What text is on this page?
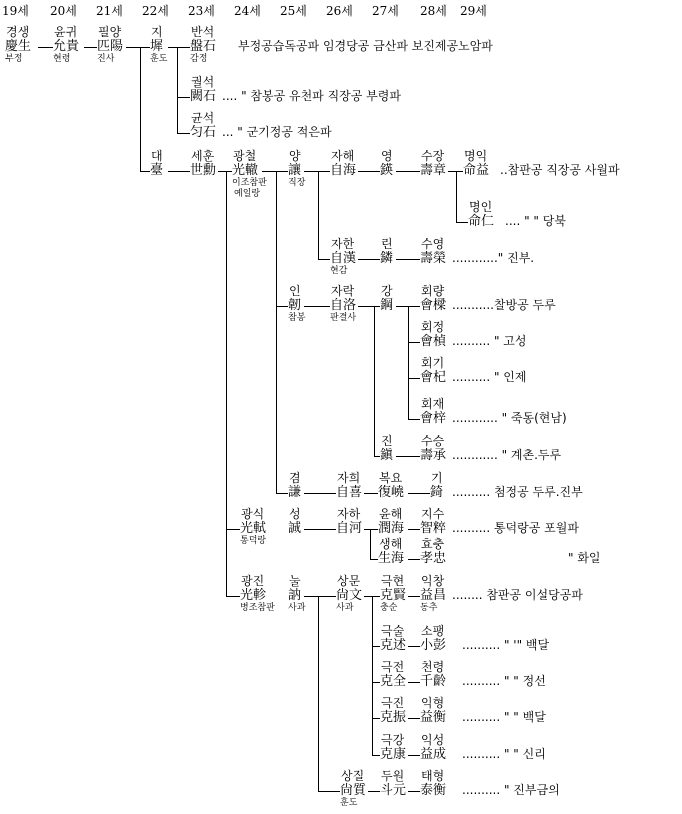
19세 20세 21세 22세 23세 24세 25세 26세 27세 28세 29세
경생
慶生
부정
윤귀
允貴
현령
필양
匹陽
진사
지
墀
훈도
반석
盤石
감정
궐석
闕石
균석
匀石
대
臺
세훈
世勳
광철
光轍
이조참판
예일랑
양
讓
직장
자해
自海
영
鍈
수장
壽章
명익
命益
명인
命仁
자한
自漢
현감
린
鏻
수영
壽榮
인
韌
참봉
자락
自洛
판결사
강
鋼
회량
會樑
회정
會楨
회기
會杞
회재
會梓
진
鎭
수승
壽承
겸
謙
자희
自喜
복요
復嶢
기
錡
광식
光軾
통덕랑
성
誠
자하
自河
윤해
潤海
지수
智粹
생해
生海
효충
孝忠
광진
光軫
병조참판
눌
訥
사과
상문
尙文
사과
극현
克賢
충순
익창
益昌
동추
극술
克述
소팽
小彭
극전
克全
천령
千齡
극진
克振
익형
益衡
극강
克康
익성
益成
상질
尙質
훈도
두원
斗元
태형
泰衡
부정공습독공파 임경당공 금산파 보진제공노암파
.... " 참봉공 유천파 직장공 부령파
... " 군기정공 적은파
..참판공 직장공 사월파
.... " " 당북
............" 진부.
...........찰방공 두루
.......... " 고성
.......... " 인제
............ " 죽동(현남)
............ " 계촌.두루
.......... 첨정공 두루.진부
.......... 통덕랑공 포월파
" 화일
........ 참판공 이설당공파
.......... " '" 백달
.......... " " 정선
.......... " " 백달
.......... " " 신리
.......... " 진부금의
